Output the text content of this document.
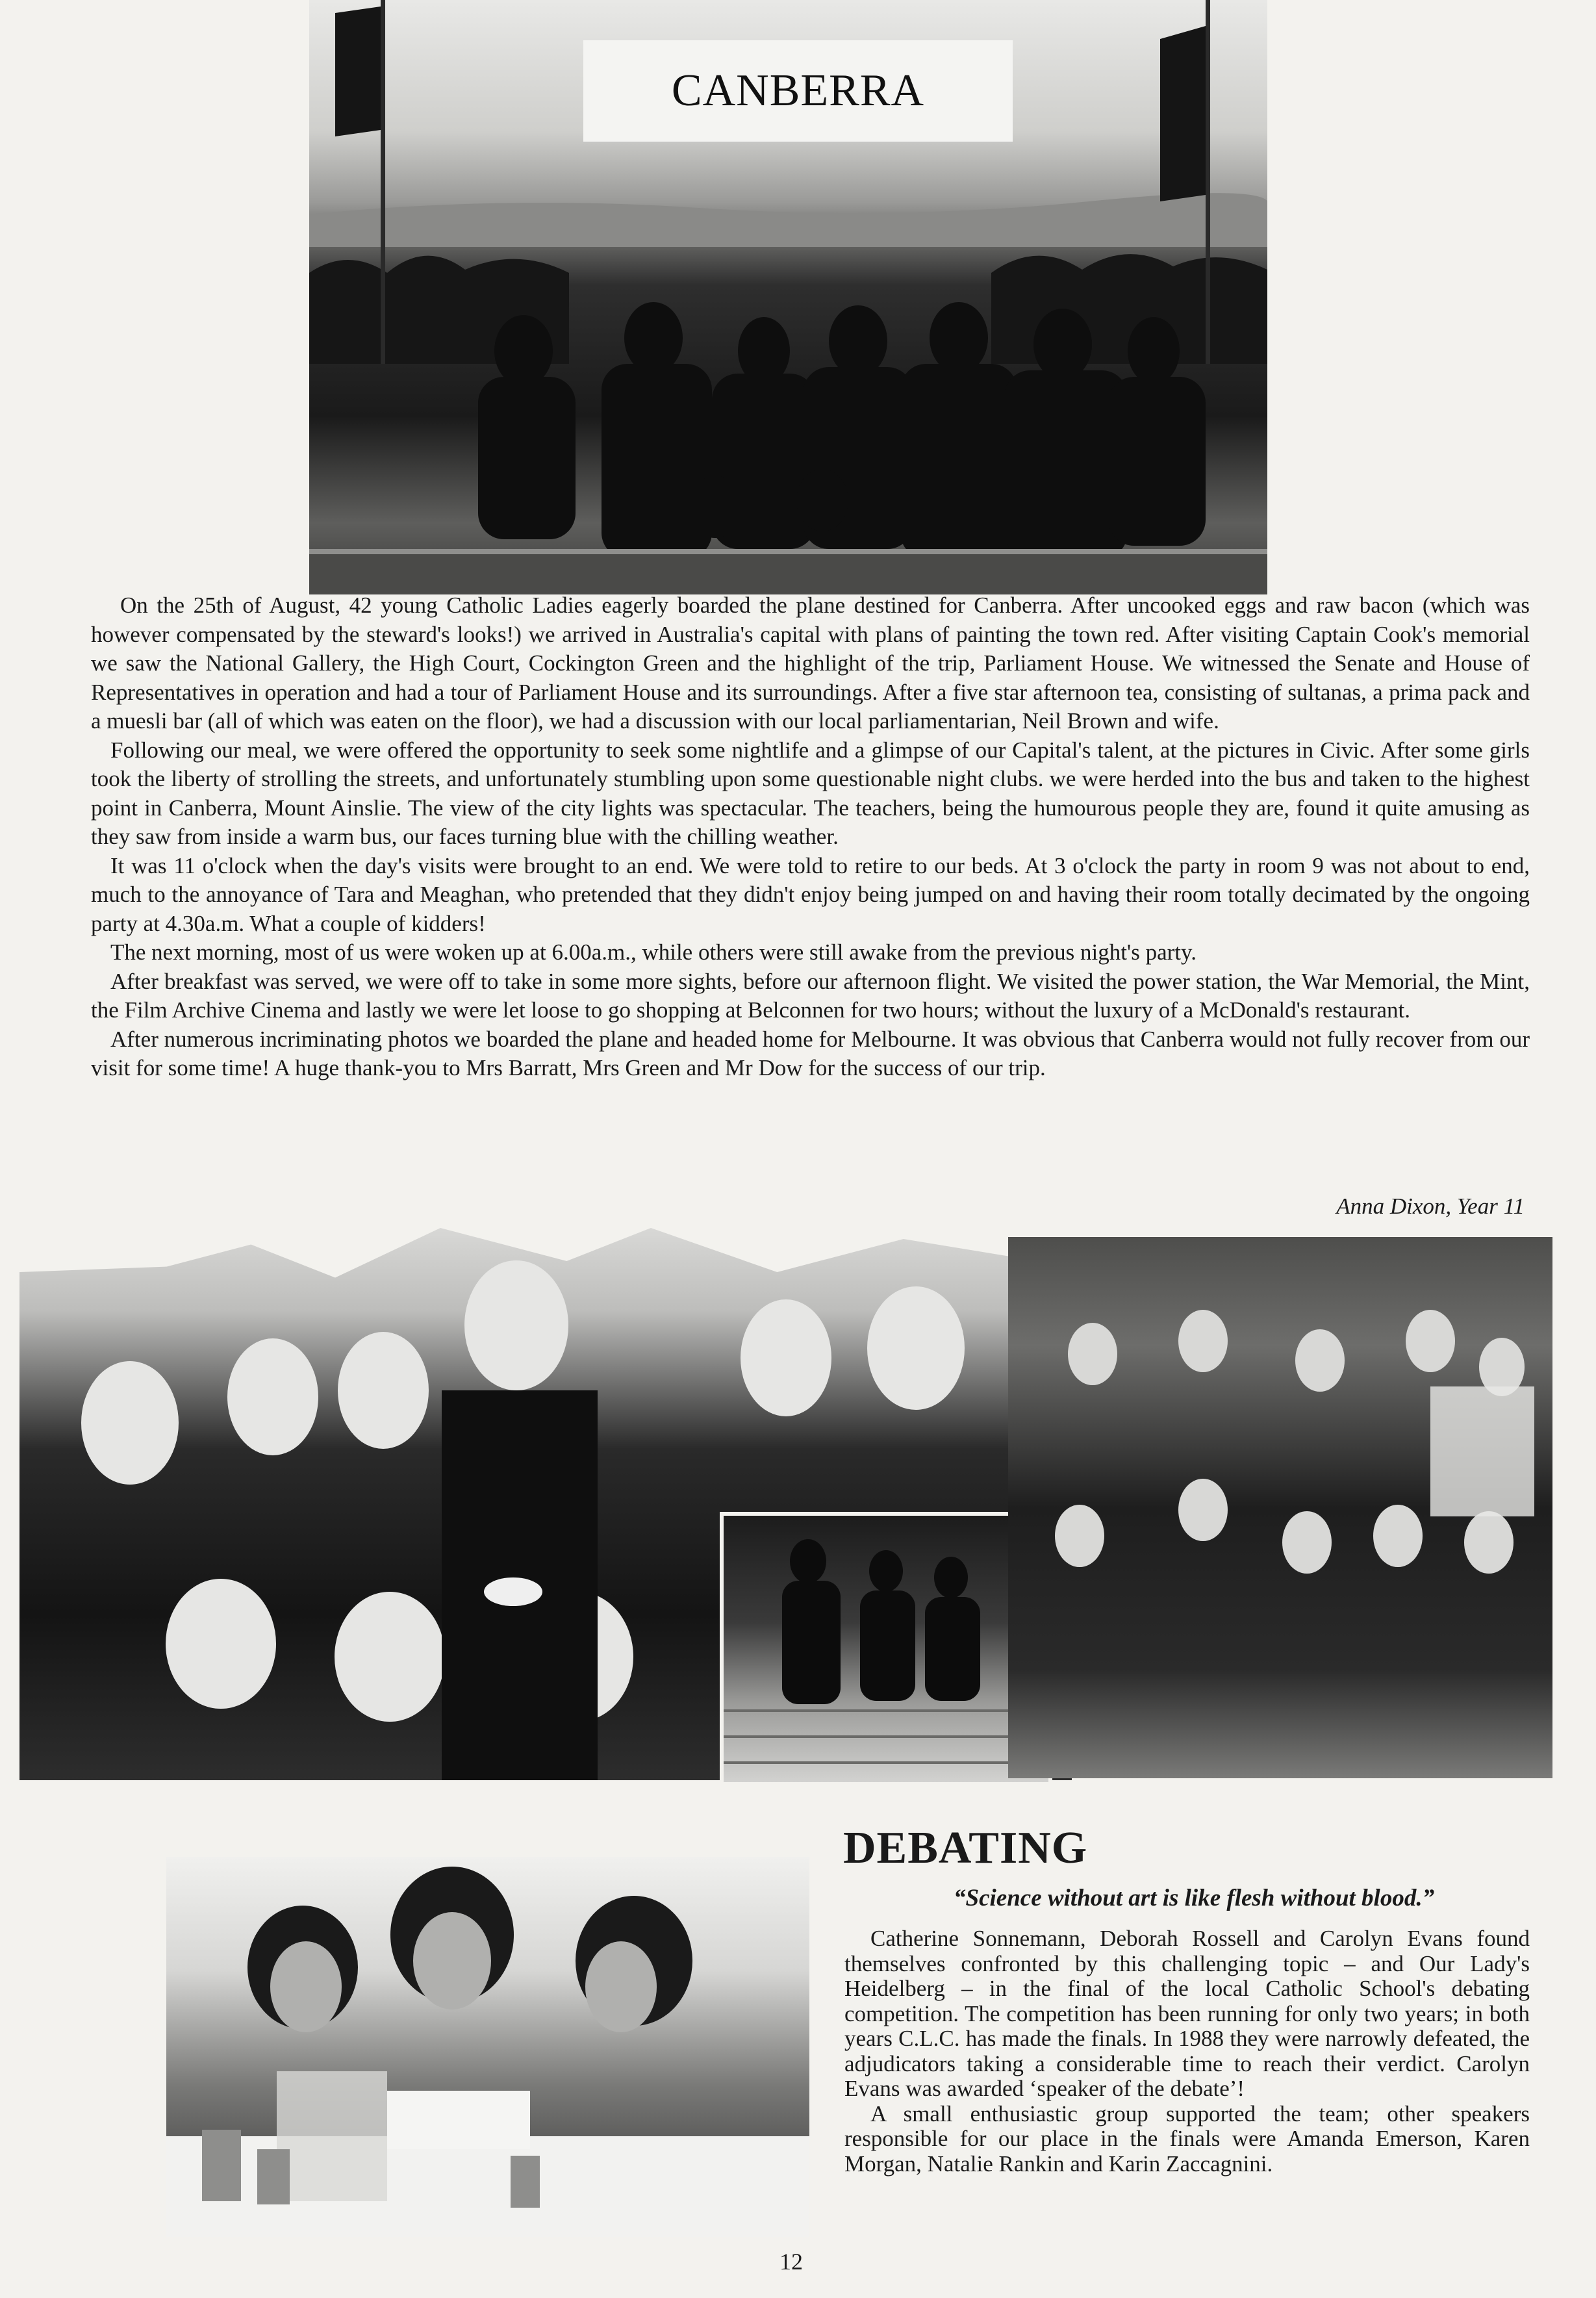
CANBERRA

On the 25th of August, 42 young Catholic Ladies eagerly boarded the plane destined for Canberra. After uncooked eggs and raw bacon (which was however compensated by the steward's looks!) we arrived in Australia's capital with plans of painting the town red. After visiting Captain Cook's memorial we saw the National Gallery, the High Court, Cockington Green and the highlight of the trip, Parliament House. We witnessed the Senate and House of Representatives in operation and had a tour of Parliament House and its surroundings. After a five star afternoon tea, consisting of sultanas, a prima pack and a muesli bar (all of which was eaten on the floor), we had a discussion with our local parliamentarian, Neil Brown and wife.

Following our meal, we were offered the opportunity to seek some nightlife and a glimpse of our Capital's talent, at the pictures in Civic. After some girls took the liberty of strolling the streets, and unfortunately stumbling upon some questionable night clubs. we were herded into the bus and taken to the highest point in Canberra, Mount Ainslie. The view of the city lights was spectacular. The teachers, being the humourous people they are, found it quite amusing as they saw from inside a warm bus, our faces turning blue with the chilling weather.

It was 11 o'clock when the day's visits were brought to an end. We were told to retire to our beds. At 3 o'clock the party in room 9 was not about to end, much to the annoyance of Tara and Meaghan, who pretended that they didn't enjoy being jumped on and having their room totally decimated by the ongoing party at 4.30a.m. What a couple of kidders!

The next morning, most of us were woken up at 6.00a.m., while others were still awake from the previous night's party.

After breakfast was served, we were off to take in some more sights, before our afternoon flight. We visited the power station, the War Memorial, the Mint, the Film Archive Cinema and lastly we were let loose to go shopping at Belconnen for two hours; without the luxury of a McDonald's restaurant.

After numerous incriminating photos we boarded the plane and headed home for Melbourne. It was obvious that Canberra would not fully recover from our visit for some time! A huge thank-you to Mrs Barratt, Mrs Green and Mr Dow for the success of our trip.

Anna Dixon, Year 11
DEBATING
“Science without art is like flesh without blood.”

Catherine Sonnemann, Deborah Rossell and Carolyn Evans found themselves confronted by this challenging topic – and Our Lady's Heidelberg – in the final of the local Catholic School's debating competition. The competition has been running for only two years; in both years C.L.C. has made the finals. In 1988 they were narrowly defeated, the adjudicators taking a considerable time to reach their verdict. Carolyn Evans was awarded ‘speaker of the debate’!

A small enthusiastic group supported the team; other speakers responsible for our place in the finals were Amanda Emerson, Karen Morgan, Natalie Rankin and Karin Zaccagnini.

12
